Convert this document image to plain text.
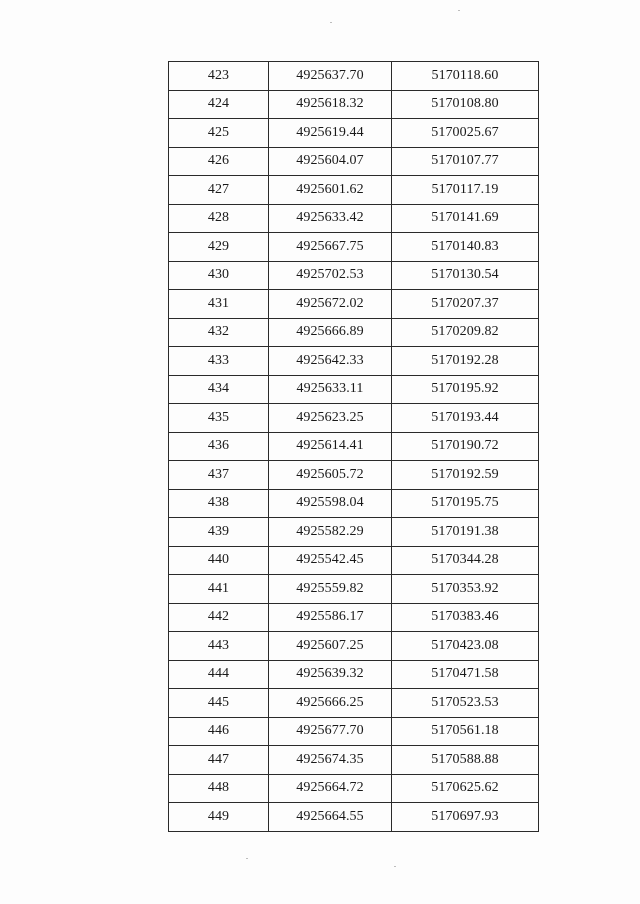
423	4925637.70	5170118.60
424	4925618.32	5170108.80
425	4925619.44	5170025.67
426	4925604.07	5170107.77
427	4925601.62	5170117.19
428	4925633.42	5170141.69
429	4925667.75	5170140.83
430	4925702.53	5170130.54
431	4925672.02	5170207.37
432	4925666.89	5170209.82
433	4925642.33	5170192.28
434	4925633.11	5170195.92
435	4925623.25	5170193.44
436	4925614.41	5170190.72
437	4925605.72	5170192.59
438	4925598.04	5170195.75
439	4925582.29	5170191.38
440	4925542.45	5170344.28
441	4925559.82	5170353.92
442	4925586.17	5170383.46
443	4925607.25	5170423.08
444	4925639.32	5170471.58
445	4925666.25	5170523.53
446	4925677.70	5170561.18
447	4925674.35	5170588.88
448	4925664.72	5170625.62
449	4925664.55	5170697.93
